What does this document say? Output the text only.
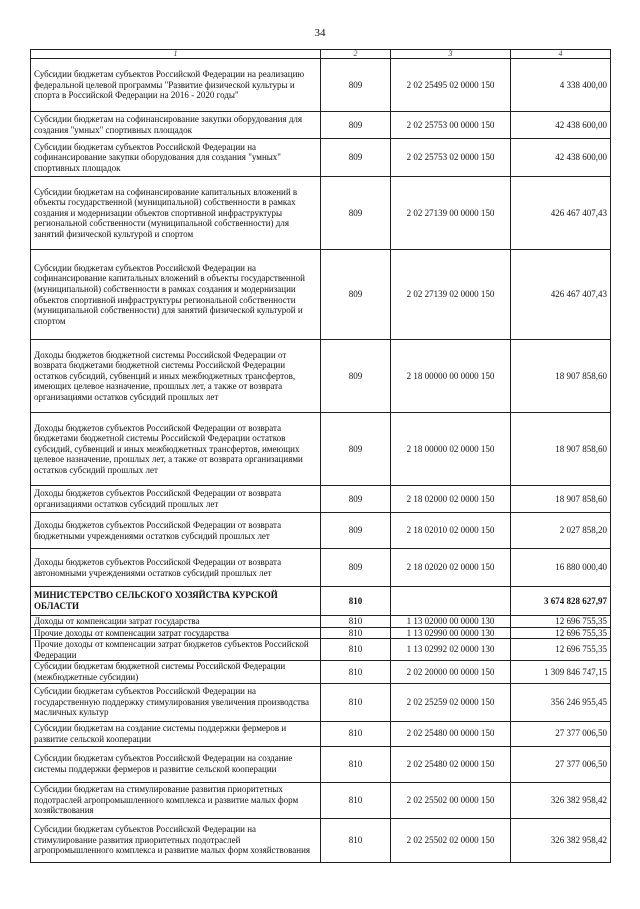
34
1	2	3	4
Субсидии бюджетам субъектов Российской Федерации на реализацию федеральной целевой программы "Развитие физической культуры и спорта в Российской Федерации на 2016 - 2020 годы"	809	2 02 25495 02 0000 150	4 338 400,00
Субсидии бюджетам на софинансирование закупки оборудования для создания "умных" спортивных площадок	809	2 02 25753 00 0000 150	42 438 600,00
Субсидии бюджетам субъектов Российской Федерации на софинансирование закупки оборудования для создания "умных" спортивных площадок	809	2 02 25753 02 0000 150	42 438 600,00
Субсидии бюджетам на софинансирование капитальных вложений в объекты государственной (муниципальной) собственности в рамках создания и модернизации объектов спортивной инфраструктуры региональной собственности (муниципальной собственности) для занятий физической культурой и спортом	809	2 02 27139 00 0000 150	426 467 407,43
Субсидии бюджетам субъектов Российской Федерации на софинансирование капитальных вложений в объекты государственной (муниципальной) собственности в рамках создания и модернизации объектов спортивной инфраструктуры региональной собственности (муниципальной собственности) для занятий физической культурой и спортом	809	2 02 27139 02 0000 150	426 467 407,43
Доходы бюджетов бюджетной системы Российской Федерации от возврата бюджетами бюджетной системы Российской Федерации остатков субсидий, субвенций и иных межбюджетных трансфертов, имеющих целевое назначение, прошлых лет, а также от возврата организациями остатков субсидий прошлых лет	809	2 18 00000 00 0000 150	18 907 858,60
Доходы бюджетов субъектов Российской Федерации от возврата бюджетами бюджетной системы Российской Федерации остатков субсидий, субвенций и иных межбюджетных трансфертов, имеющих целевое назначение, прошлых лет, а также от возврата организациями остатков субсидий прошлых лет	809	2 18 00000 02 0000 150	18 907 858,60
Доходы бюджетов субъектов Российской Федерации от возврата организациями остатков субсидий прошлых лет	809	2 18 02000 02 0000 150	18 907 858,60
Доходы бюджетов субъектов Российской Федерации от возврата бюджетными учреждениями остатков субсидий прошлых лет	809	2 18 02010 02 0000 150	2 027 858,20
Доходы бюджетов субъектов Российской Федерации от возврата автономными учреждениями остатков субсидий прошлых лет	809	2 18 02020 02 0000 150	16 880 000,40
МИНИСТЕРСТВО СЕЛЬСКОГО ХОЗЯЙСТВА КУРСКОЙ ОБЛАСТИ	810		3 674 828 627,97
Доходы от компенсации затрат государства	810	1 13 02000 00 0000 130	12 696 755,35
Прочие доходы от компенсации затрат государства	810	1 13 02990 00 0000 130	12 696 755,35
Прочие доходы от компенсации затрат бюджетов субъектов Российской Федерации	810	1 13 02992 02 0000 130	12 696 755,35
Субсидии бюджетам бюджетной системы Российской Федерации (межбюджетные субсидии)	810	2 02 20000 00 0000 150	1 309 846 747,15
Субсидии бюджетам субъектов Российской Федерации на государственную поддержку стимулирования увеличения производства масличных культур	810	2 02 25259 02 0000 150	356 246 955,45
Субсидии бюджетам на создание системы поддержки фермеров и развитие сельской кооперации	810	2 02 25480 00 0000 150	27 377 006,50
Субсидии бюджетам субъектов Российской Федерации на создание системы поддержки фермеров и развитие сельской кооперации	810	2 02 25480 02 0000 150	27 377 006,50
Субсидии бюджетам на стимулирование развития приоритетных подотраслей агропромышленного комплекса и развитие малых форм хозяйствования	810	2 02 25502 00 0000 150	326 382 958,42
Субсидии бюджетам субъектов Российской Федерации на стимулирование развития приоритетных подотраслей агропромышленного комплекса и развитие малых форм хозяйствования	810	2 02 25502 02 0000 150	326 382 958,42
